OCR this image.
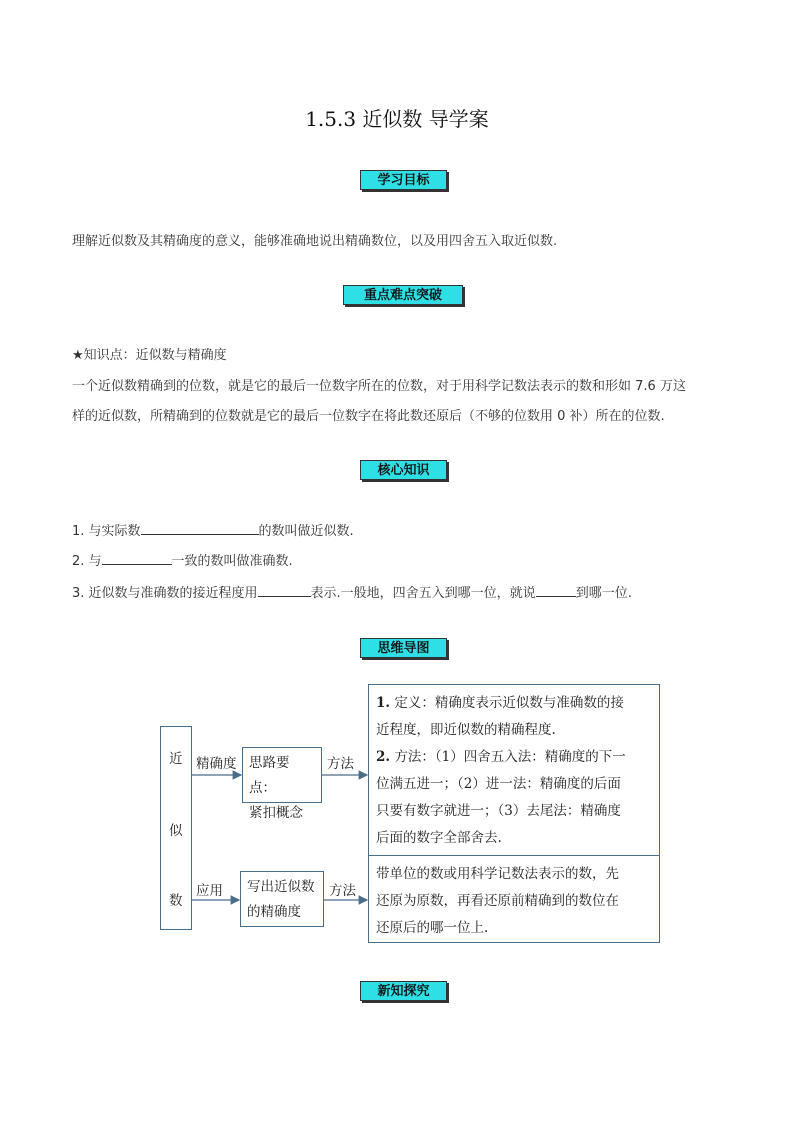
1.5.3 近似数 导学案
学习目标
理解近似数及其精确度的意义，能够准确地说出精确数位，以及用四舍五入取近似数.
重点难点突破
★知识点：近似数与精确度
一个近似数精确到的位数，就是它的最后一位数字所在的位数，对于用科学记数法表示的数和形如 7.6 万这
样的近似数，所精确到的位数就是它的最后一位数字在将此数还原后（不够的位数用 0 补）所在的位数.
核心知识
1. 与实际数	的数叫做近似数.
2. 与	一致的数叫做准确数.
3. 近似数与准确数的接近程度用	表示.一般地，四舍五入到哪一位，就说	到哪一位.
思维导图
近
似
数
精确度 思路要点：
紧扣概念
方法
1. 定义：精确度表示近似数与准确数的接
近程度，即近似数的精确程度.
2. 方法：（1）四舍五入法：精确度的下一
位满五进一；（2）进一法：精确度的后面
只要有数字就进一；（3）去尾法：精确度
后面的数字全部舍去.
应用 写出近似数
的精确度
方法
带单位的数或用科学记数法表示的数，先
还原为原数，再看还原前精确到的数位在
还原后的哪一位上.
新知探究
